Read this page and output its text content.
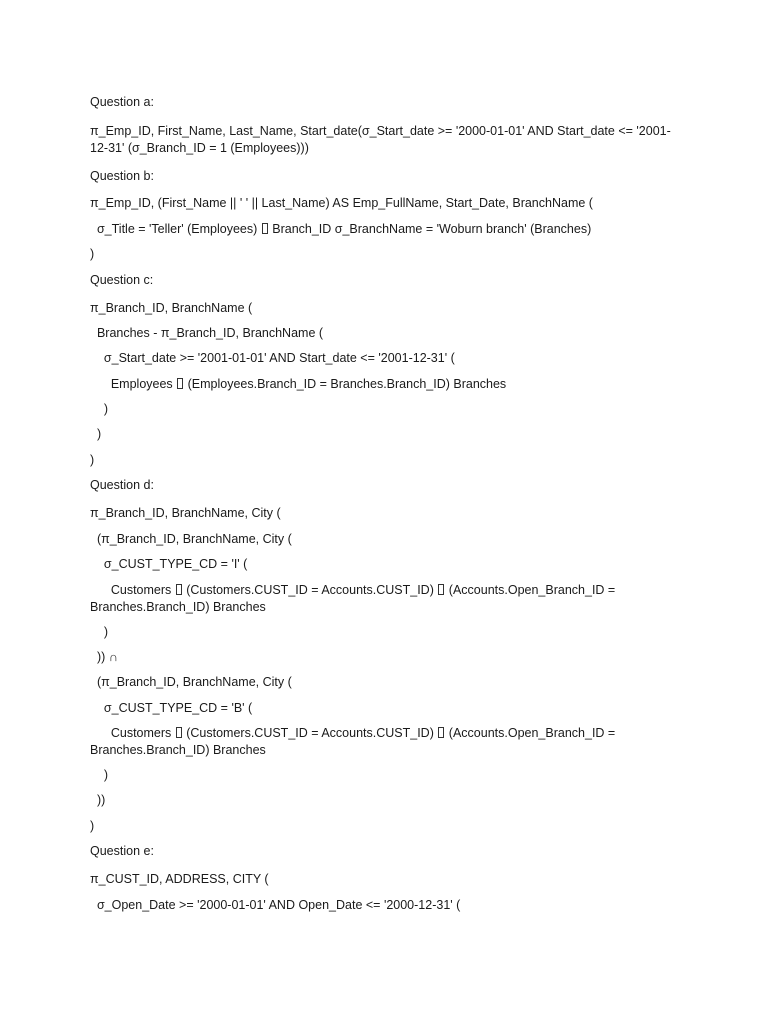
Question a:
π_Emp_ID, First_Name, Last_Name, Start_date(σ_Start_date >= '2000-01-01' AND Start_date <= '2001-12-31' (σ_Branch_ID = 1 (Employees)))
Question b:
π_Emp_ID, (First_Name || ' ' || Last_Name) AS Emp_FullName, Start_Date, BranchName (
σ_Title = 'Teller' (Employees)  Branch_ID σ_BranchName = 'Woburn branch' (Branches)
)
Question c:
π_Branch_ID, BranchName (
Branches - π_Branch_ID, BranchName (
σ_Start_date >= '2001-01-01' AND Start_date <= '2001-12-31' (
Employees  (Employees.Branch_ID = Branches.Branch_ID) Branches
)
)
)
Question d:
π_Branch_ID, BranchName, City (
(π_Branch_ID, BranchName, City (
σ_CUST_TYPE_CD = 'I' (
Customers  (Customers.CUST_ID = Accounts.CUST_ID)  (Accounts.Open_Branch_ID = Branches.Branch_ID) Branches
)
)) ∩
(π_Branch_ID, BranchName, City (
σ_CUST_TYPE_CD = 'B' (
Customers  (Customers.CUST_ID = Accounts.CUST_ID)  (Accounts.Open_Branch_ID = Branches.Branch_ID) Branches
)
))
)
Question e:
π_CUST_ID, ADDRESS, CITY (
σ_Open_Date >= '2000-01-01' AND Open_Date <= '2000-12-31' (
